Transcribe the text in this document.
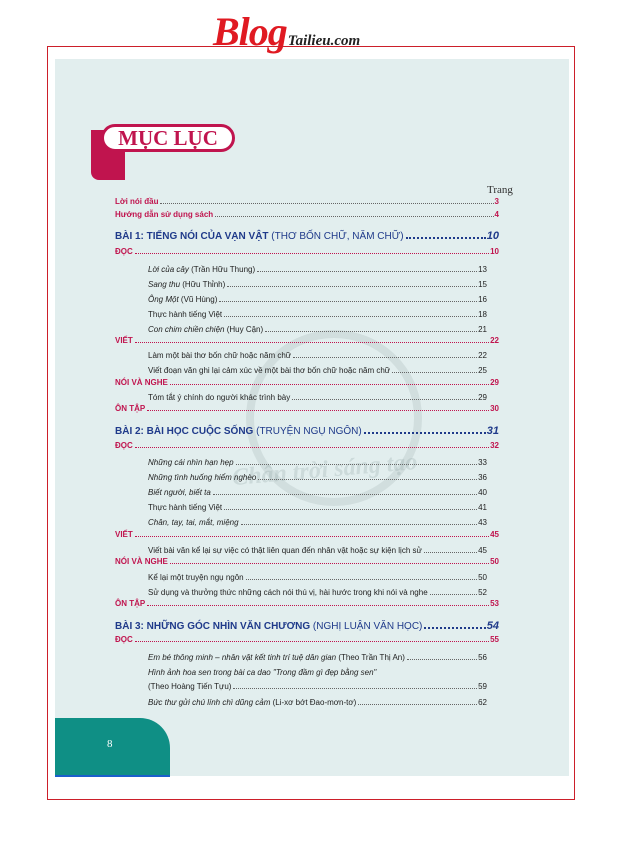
BlogTailieu.com
Chân trời sáng tạo
MỤC LỤC
Trang
Lời nói đầu	3
Hướng dẫn sử dụng sách	4
BÀI 1: TIẾNG NÓI CỦA VẠN VẬT (THƠ BỐN CHỮ, NĂM CHỮ)	10
ĐỌC	10
Lời của cây (Trần Hữu Thung)	13
Sang thu (Hữu Thỉnh)	15
Ông Một (Vũ Hùng)	16
Thực hành tiếng Việt	18
Con chim chiền chiện (Huy Cận)	21
VIẾT	22
Làm một bài thơ bốn chữ hoặc năm chữ	22
Viết đoạn văn ghi lại cảm xúc về một bài thơ bốn chữ hoặc năm chữ	25
NÓI VÀ NGHE	29
Tóm tắt ý chính do người khác trình bày	29
ÔN TẬP	30
BÀI 2: BÀI HỌC CUỘC SỐNG (TRUYỆN NGỤ NGÔN)	31
ĐỌC	32
Những cái nhìn hạn hẹp	33
Những tình huống hiểm nghèo	36
Biết người, biết ta	40
Thực hành tiếng Việt	41
Chân, tay, tai, mắt, miệng	43
VIẾT	45
Viết bài văn kể lại sự việc có thật liên quan đến nhân vật hoặc sự kiện lịch sử	45
NÓI VÀ NGHE	50
Kể lại một truyện ngụ ngôn	50
Sử dụng và thưởng thức những cách nói thú vị, hài hước trong khi nói và nghe	52
ÔN TẬP	53
BÀI 3: NHỮNG GÓC NHÌN VĂN CHƯƠNG (NGHỊ LUẬN VĂN HỌC)	54
ĐỌC	55
Em bé thông minh – nhân vật kết tinh trí tuệ dân gian (Theo Trần Thị An)	56
Hình ảnh hoa sen trong bài ca dao "Trong đầm gì đẹp bằng sen"
(Theo Hoàng Tiến Tựu)	59
Bức thư gửi chú lính chì dũng cảm (Li-xơ bớt Đao-mơn-tơ)	62
8
